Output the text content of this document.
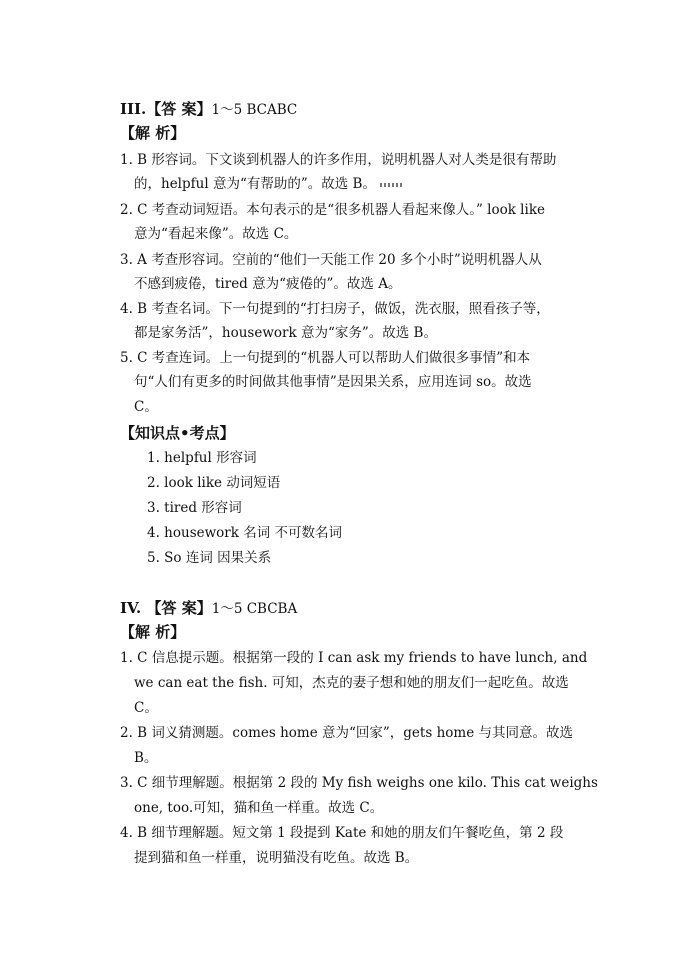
III.【答 案】1～5 BCABC
【解 析】
1. B 形容词。下文谈到机器人的许多作用，说明机器人对人类是很有帮助
的，helpful 意为“有帮助的”。故选 B。
2. C 考查动词短语。本句表示的是“很多机器人看起来像人。” look like
意为“看起来像”。故选 C。
3. A 考查形容词。空前的“他们一天能工作 20 多个小时”说明机器人从
不感到疲倦，tired 意为“疲倦的”。故选 A。
4. B 考查名词。下一句提到的“打扫房子，做饭，洗衣服，照看孩子等，
都是家务活”，housework 意为“家务”。故选 B。
5. C 考查连词。上一句提到的“机器人可以帮助人们做很多事情”和本
句“人们有更多的时间做其他事情”是因果关系，应用连词 so。故选
C。
【知识点•考点】
1. helpful 形容词
2. look like 动词短语
3. tired 形容词
4. housework 名词 不可数名词
5. So 连词 因果关系
IV. 【答 案】1～5 CBCBA
【解 析】
1. C 信息提示题。根据第一段的 I can ask my friends to have lunch, and
we can eat the fish. 可知，杰克的妻子想和她的朋友们一起吃鱼。故选
C。
2. B 词义猜测题。comes home 意为“回家”，gets home 与其同意。故选
B。
3. C 细节理解题。根据第 2 段的 My fish weighs one kilo. This cat weighs
one, too.可知，猫和鱼一样重。故选 C。
4. B 细节理解题。短文第 1 段提到 Kate 和她的朋友们午餐吃鱼，第 2 段
提到猫和鱼一样重，说明猫没有吃鱼。故选 B。
